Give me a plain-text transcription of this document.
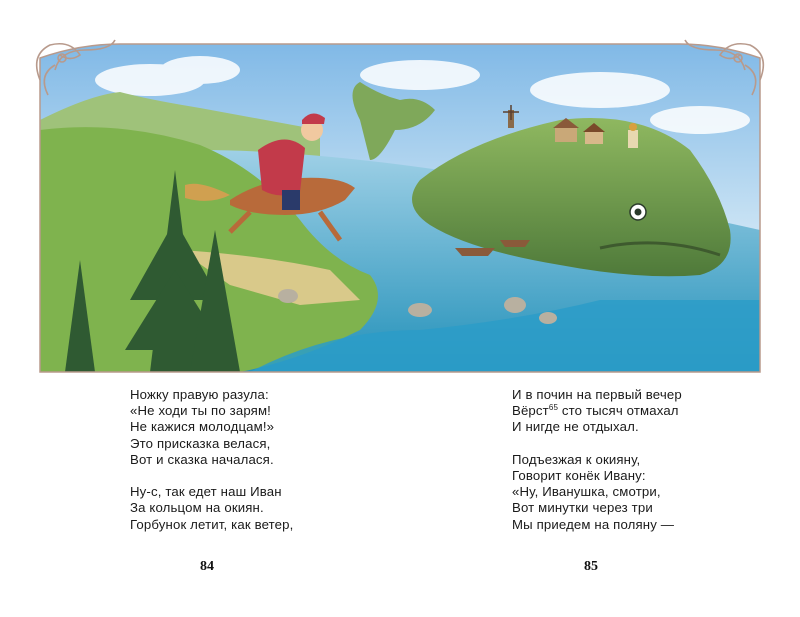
Ножку правую разула:
«Не ходи ты по зарям!
Не кажися молодцам!»
Это присказка велася,
Вот и сказка началася.
Ну-с, так едет наш Иван
За кольцом на окиян.
Горбунок летит, как ветер,
И в почин на первый вечер
Вёрст$^{65}$ сто тысяч отмахал
И нигде не отдыхал.
Подъезжая к окияну,
Говорит конёк Ивану:
«Ну, Иванушка, смотри,
Вот минутки через три
Мы приедем на поляну —
84	85
